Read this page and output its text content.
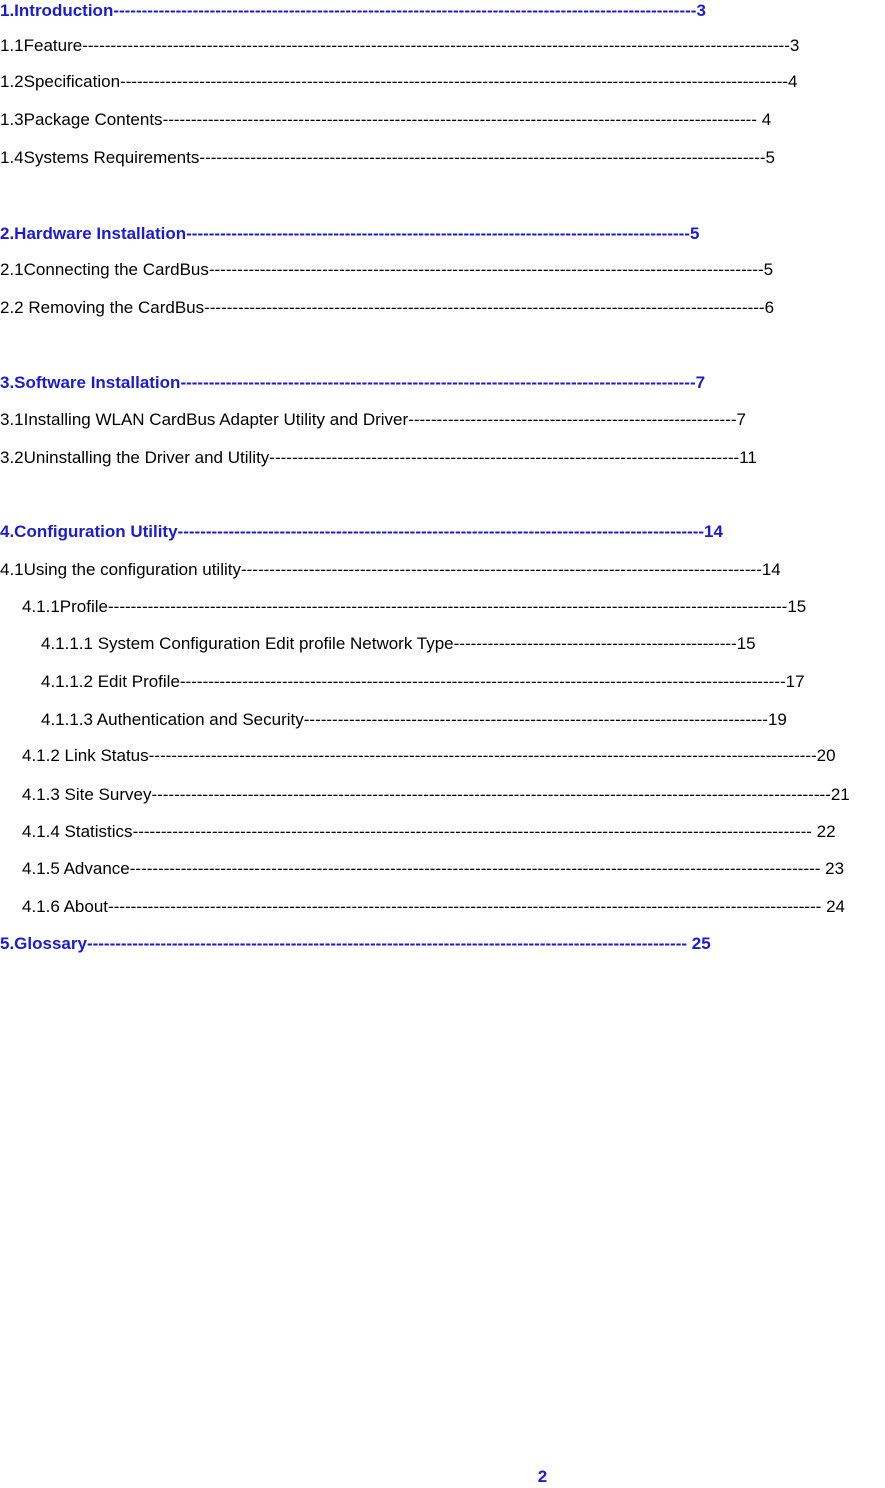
1.Introduction-------------------------------------------------------------------------------------------------------3
1.1Feature-----------------------------------------------------------------------------------------------------------------------------3
1.2Specification----------------------------------------------------------------------------------------------------------------------4
1.3Package Contents--------------------------------------------------------------------------------------------------------- 4
1.4Systems Requirements----------------------------------------------------------------------------------------------------5
2.Hardware Installation-----------------------------------------------------------------------------------------5
2.1Connecting the CardBus--------------------------------------------------------------------------------------------------5
2.2 Removing the CardBus---------------------------------------------------------------------------------------------------6
3.Software Installation-------------------------------------------------------------------------------------------7
3.1Installing WLAN CardBus Adapter Utility and Driver----------------------------------------------------------7
3.2Uninstalling the Driver and Utility-----------------------------------------------------------------------------------11
4.Configuration Utility---------------------------------------------------------------------------------------------14
4.1Using the configuration utility--------------------------------------------------------------------------------------------14
4.1.1Profile------------------------------------------------------------------------------------------------------------------------15
4.1.1.1 System Configuration Edit profile Network Type--------------------------------------------------15
4.1.1.2 Edit Profile-----------------------------------------------------------------------------------------------------------17
4.1.1.3 Authentication and Security----------------------------------------------------------------------------------19
4.1.2 Link Status----------------------------------------------------------------------------------------------------------------------20
4.1.3 Site Survey------------------------------------------------------------------------------------------------------------------------21
4.1.4 Statistics------------------------------------------------------------------------------------------------------------------------ 22
4.1.5 Advance-------------------------------------------------------------------------------------------------------------------------- 23
4.1.6 About------------------------------------------------------------------------------------------------------------------------------ 24
5.Glossary---------------------------------------------------------------------------------------------------------- 25
2
